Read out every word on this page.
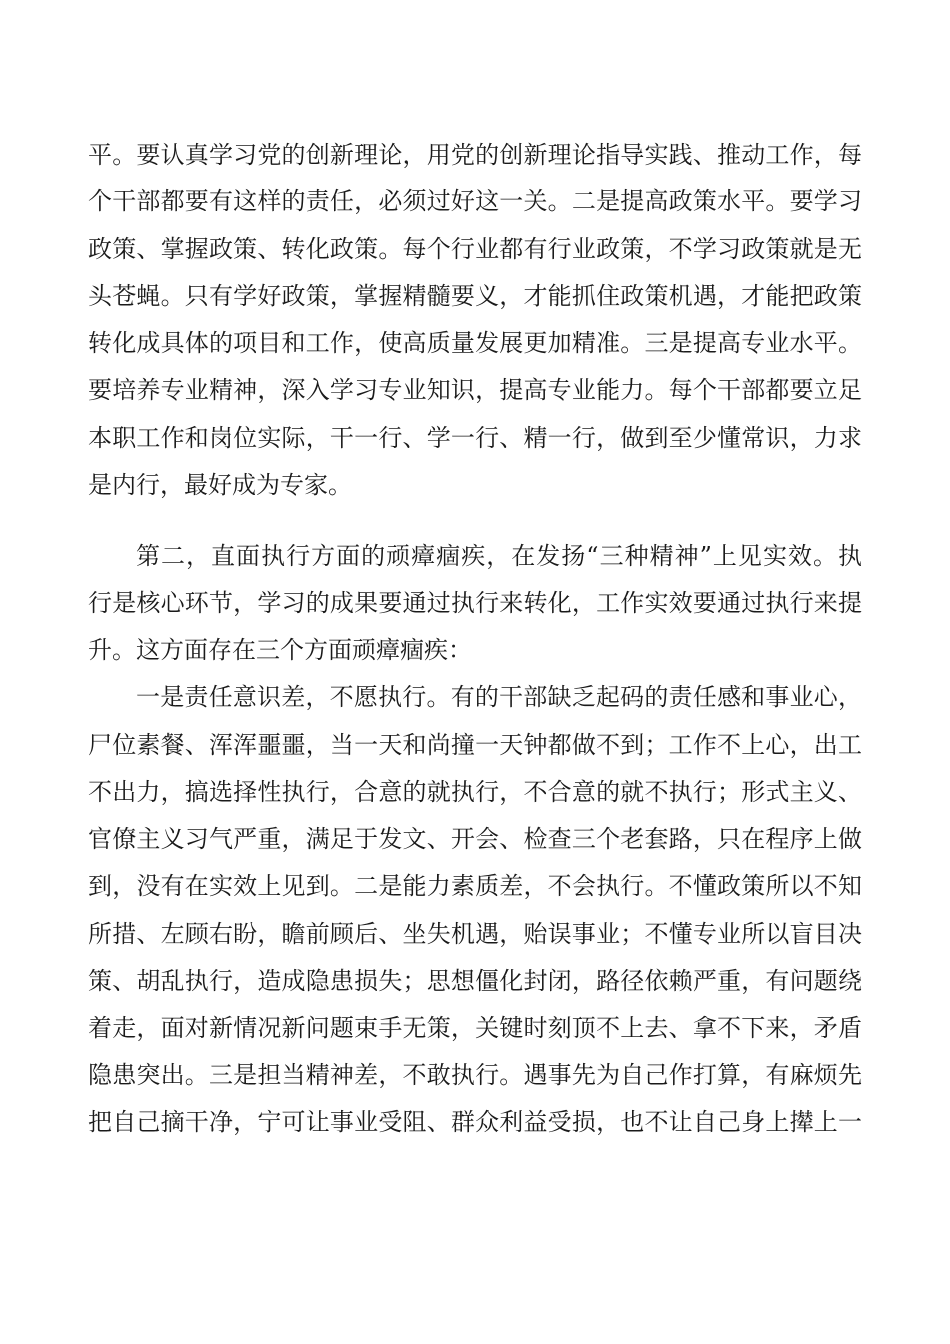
平。要认真学习党的创新理论，用党的创新理论指导实践、推动工作，每
个干部都要有这样的责任，必须过好这一关。二是提高政策水平。要学习
政策、掌握政策、转化政策。每个行业都有行业政策，不学习政策就是无
头苍蝇。只有学好政策，掌握精髓要义，才能抓住政策机遇，才能把政策
转化成具体的项目和工作，使高质量发展更加精准。三是提高专业水平。
要培养专业精神，深入学习专业知识，提高专业能力。每个干部都要立足
本职工作和岗位实际，干一行、学一行、精一行，做到至少懂常识，力求
是内行，最好成为专家。
第二，直面执行方面的顽瘴痼疾，在发扬“三种精神”上见实效。执
行是核心环节，学习的成果要通过执行来转化，工作实效要通过执行来提
升。这方面存在三个方面顽瘴痼疾：
一是责任意识差，不愿执行。有的干部缺乏起码的责任感和事业心，
尸位素餐、浑浑噩噩，当一天和尚撞一天钟都做不到；工作不上心，出工
不出力，搞选择性执行，合意的就执行，不合意的就不执行；形式主义、
官僚主义习气严重，满足于发文、开会、检查三个老套路，只在程序上做
到，没有在实效上见到。二是能力素质差，不会执行。不懂政策所以不知
所措、左顾右盼，瞻前顾后、坐失机遇，贻误事业；不懂专业所以盲目决
策、胡乱执行，造成隐患损失；思想僵化封闭，路径依赖严重，有问题绕
着走，面对新情况新问题束手无策，关键时刻顶不上去、拿不下来，矛盾
隐患突出。三是担当精神差，不敢执行。遇事先为自己作打算，有麻烦先
把自己摘干净，宁可让事业受阻、群众利益受损，也不让自己身上撵上一
